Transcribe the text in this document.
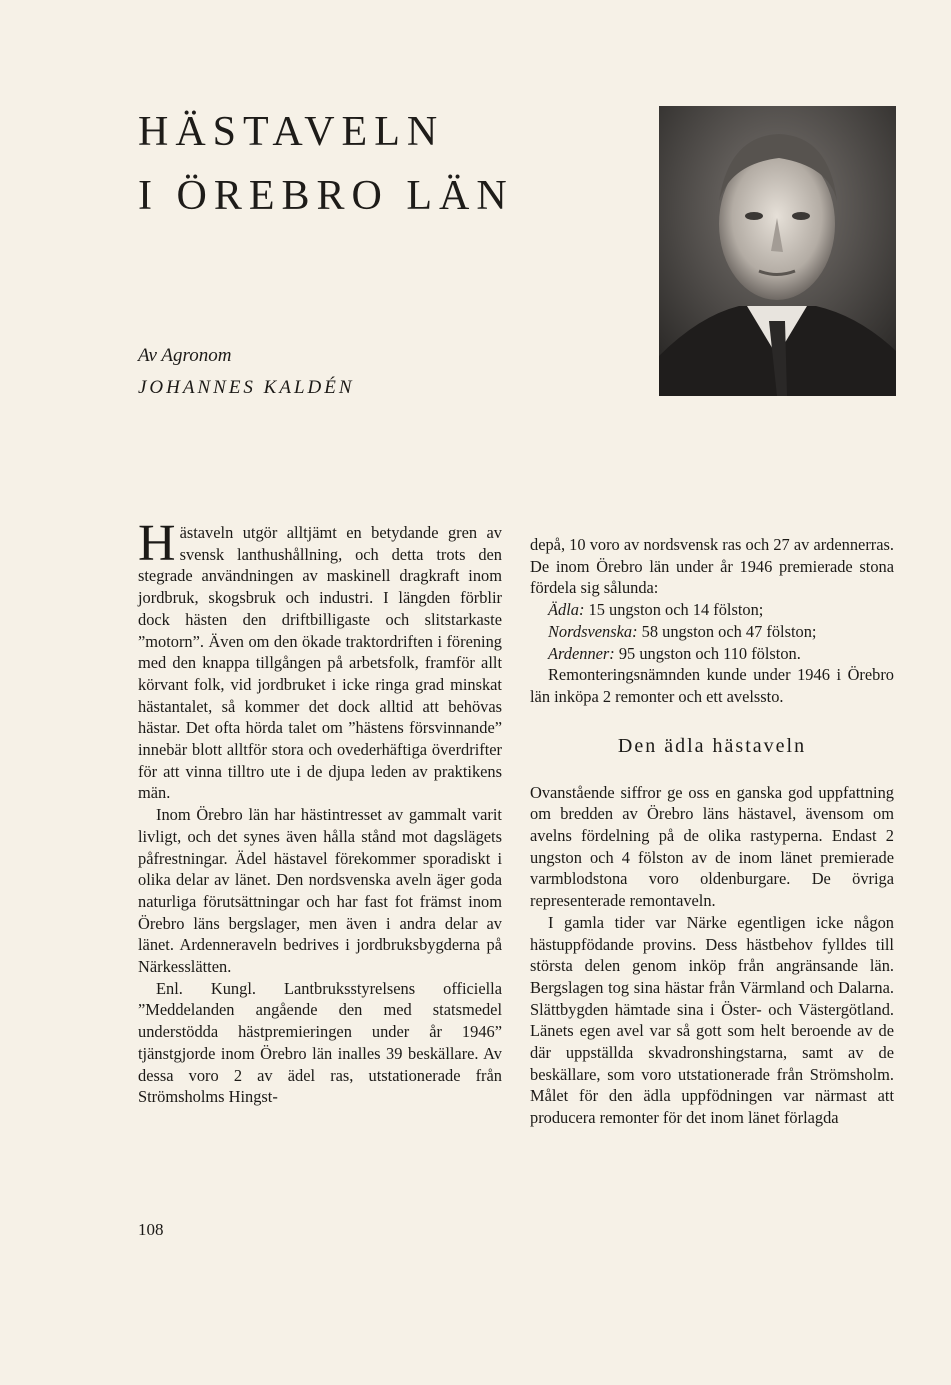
HÄSTAVELN
I ÖREBRO LÄN
Av Agronom
JOHANNES KALDÉN

Hästaveln utgör alltjämt en betydande gren av svensk lanthushållning, och detta trots den stegrade användningen av maskinell dragkraft inom jordbruk, skogsbruk och industri. I längden förblir dock hästen den driftbilligaste och slitstarkaste ”motorn”. Även om den ökade traktordriften i förening med den knappa tillgången på arbetsfolk, framför allt körvant folk, vid jordbruket i icke ringa grad minskat hästantalet, så kommer det dock alltid att behövas hästar. Det ofta hörda talet om ”hästens försvinnande” innebär blott alltför stora och ovederhäftiga överdrifter för att vinna tilltro ute i de djupa leden av praktikens män.

Inom Örebro län har hästintresset av gammalt varit livligt, och det synes även hålla stånd mot dagslägets påfrestningar. Ädel hästavel förekommer sporadiskt i olika delar av länet. Den nordsvenska aveln äger goda naturliga förutsättningar och har fast fot främst inom Örebro läns bergslager, men även i andra delar av länet. Ardenneraveln bedrives i jordbruksbygderna på Närkesslätten.

Enl. Kungl. Lantbruksstyrelsens officiella ”Meddelanden angående den med statsmedel understödda hästpremieringen under år 1946” tjänstgjorde inom Örebro län inalles 39 beskällare. Av dessa voro 2 av ädel ras, utstationerade från Strömsholms Hingst-

depå, 10 voro av nordsvensk ras och 27 av ardennerras. De inom Örebro län under år 1946 premierade stona fördela sig sålunda:

Ädla: 15 ungston och 14 fölston;

Nordsvenska: 58 ungston och 47 fölston;

Ardenner: 95 ungston och 110 fölston.

Remonteringsnämnden kunde under 1946 i Örebro län inköpa 2 remonter och ett avelssto.

Den ädla hästaveln

Ovanstående siffror ge oss en ganska god uppfattning om bredden av Örebro läns hästavel, ävensom om avelns fördelning på de olika rastyperna. Endast 2 ungston och 4 fölston av de inom länet premierade varmblodstona voro oldenburgare. De övriga representerade remontaveln.

I gamla tider var Närke egentligen icke någon hästuppfödande provins. Dess hästbehov fylldes till största delen genom inköp från angränsande län. Bergslagen tog sina hästar från Värmland och Dalarna. Slättbygden hämtade sina i Öster- och Västergötland. Länets egen avel var så gott som helt beroende av de där uppställda skvadronshingstarna, samt av de beskällare, som voro utstationerade från Strömsholm. Målet för den ädla uppfödningen var närmast att producera remonter för det inom länet förlagda

108
